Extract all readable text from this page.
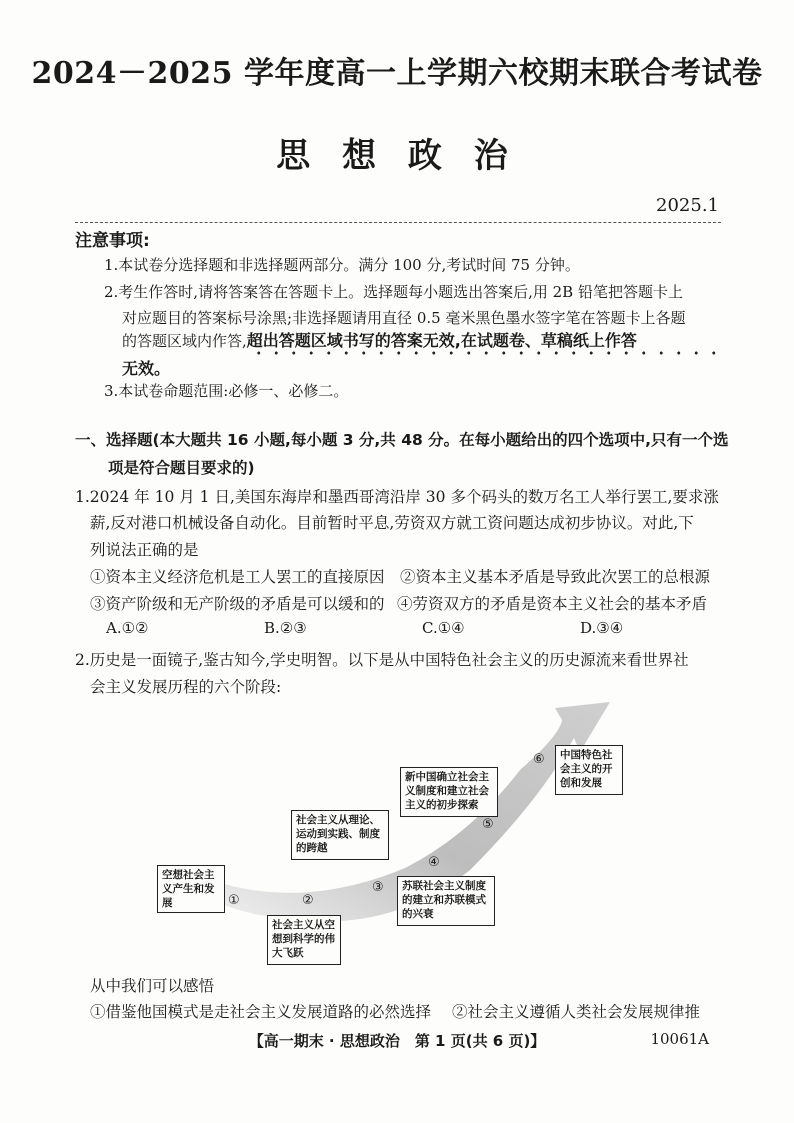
2024－2025 学年度高一上学期六校期末联合考试卷
思 想 政 治
2025.1
注意事项:
1.本试卷分选择题和非选择题两部分。满分 100 分,考试时间 75 分钟。
2.考生作答时,请将答案答在答题卡上。选择题每小题选出答案后,用 2B 铅笔把答题卡上
对应题目的答案标号涂黑;非选择题请用直径 0.5 毫米黑色墨水签字笔在答题卡上各题
的答题区域内作答,超出答题区域书写的答案无效,在试题卷、草稿纸上作答
无效。
3.本试卷命题范围:必修一、必修二。
一、选择题(本大题共 16 小题,每小题 3 分,共 48 分。在每小题给出的四个选项中,只有一个选
项是符合题目要求的)
1.2024 年 10 月 1 日,美国东海岸和墨西哥湾沿岸 30 多个码头的数万名工人举行罢工,要求涨
薪,反对港口机械设备自动化。目前暂时平息,劳资双方就工资问题达成初步协议。对此,下
列说法正确的是
①资本主义经济危机是工人罢工的直接原因 ②资本主义基本矛盾是导致此次罢工的总根源
③资产阶级和无产阶级的矛盾是可以缓和的 ④劳资双方的矛盾是资本主义社会的基本矛盾
A.①②	B.②③	C.①④	D.③④
2.历史是一面镜子,鉴古知今,学史明智。以下是从中国特色社会主义的历史源流来看世界社
会主义发展历程的六个阶段:
空想社会主义产生和发展
社会主义从空想到科学的伟大飞跃
社会主义从理论、运动到实践、制度的跨越
苏联社会主义制度的建立和苏联模式的兴衰
新中国确立社会主义制度和建立社会主义的初步探索
中国特色社会主义的开创和发展
①	②
③
④
⑤
⑥
从中我们可以感悟
①借鉴他国模式是走社会主义发展道路的必然选择 ②社会主义遵循人类社会发展规律推
【高一期末 · 思想政治　第 1 页(共 6 页)】	10061A
